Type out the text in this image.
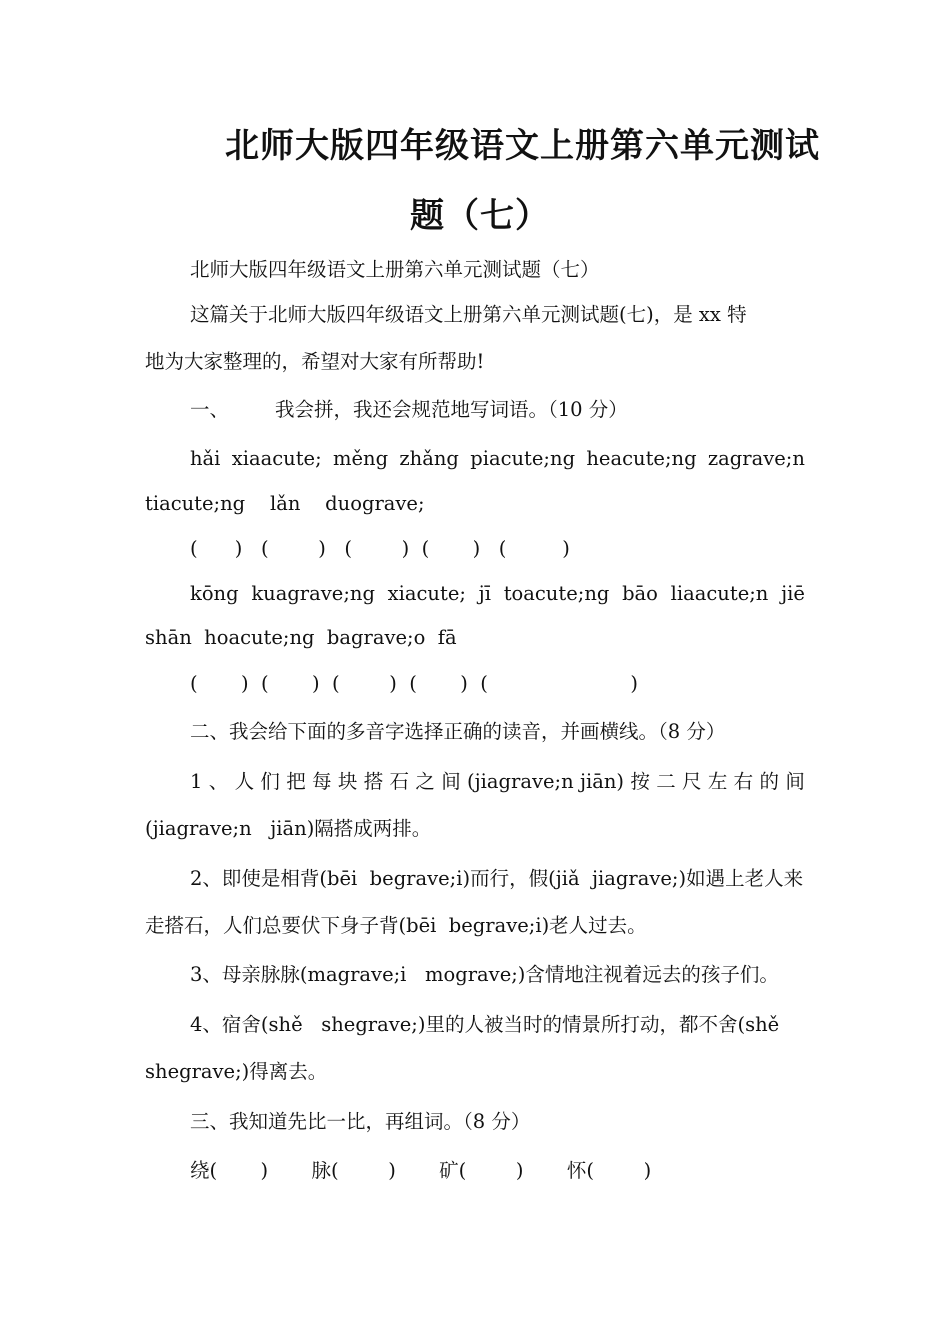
北师大版四年级语文上册第六单元测试
题（七）
北师大版四年级语文上册第六单元测试题（七）
这篇关于北师大版四年级语文上册第六单元测试题(七)，是 xx 特
地为大家整理的，希望对大家有所帮助!
一、 我会拼，我还会规范地写词语。（10 分）
hǎi xiaacute; měng zhǎng piacute;ng heacute;ng zagrave;n
tiacute;ng    lǎn    duograve;
(      )   (        )   (        )  (       )   (         )
kōng kuagrave;ng xiacute; jī toacute;ng bāo liaacute;n jiē
shān  hoacute;ng  bagrave;o  fā
(       )  (       )  (        )  (       )  (                       )
二、我会给下面的多音字选择正确的读音，并画横线。（8 分）
1 、 人 们 把 每 块 搭 石 之 间 (jiagrave;n jiān) 按 二 尺 左 右 的 间
(jiagrave;n   jiān)隔搭成两排。
2、即使是相背(bēi  begrave;i)而行，假(jiǎ  jiagrave;)如遇上老人来
走搭石，人们总要伏下身子背(bēi  begrave;i)老人过去。
3、母亲脉脉(magrave;i   mograve;)含情地注视着远去的孩子们。
4、宿舍(shě   shegrave;)里的人被当时的情景所打动，都不舍(shě
shegrave;)得离去。
三、我知道先比一比，再组词。（8 分）
绕(       )       脉(        )       矿(        )       怀(        )
